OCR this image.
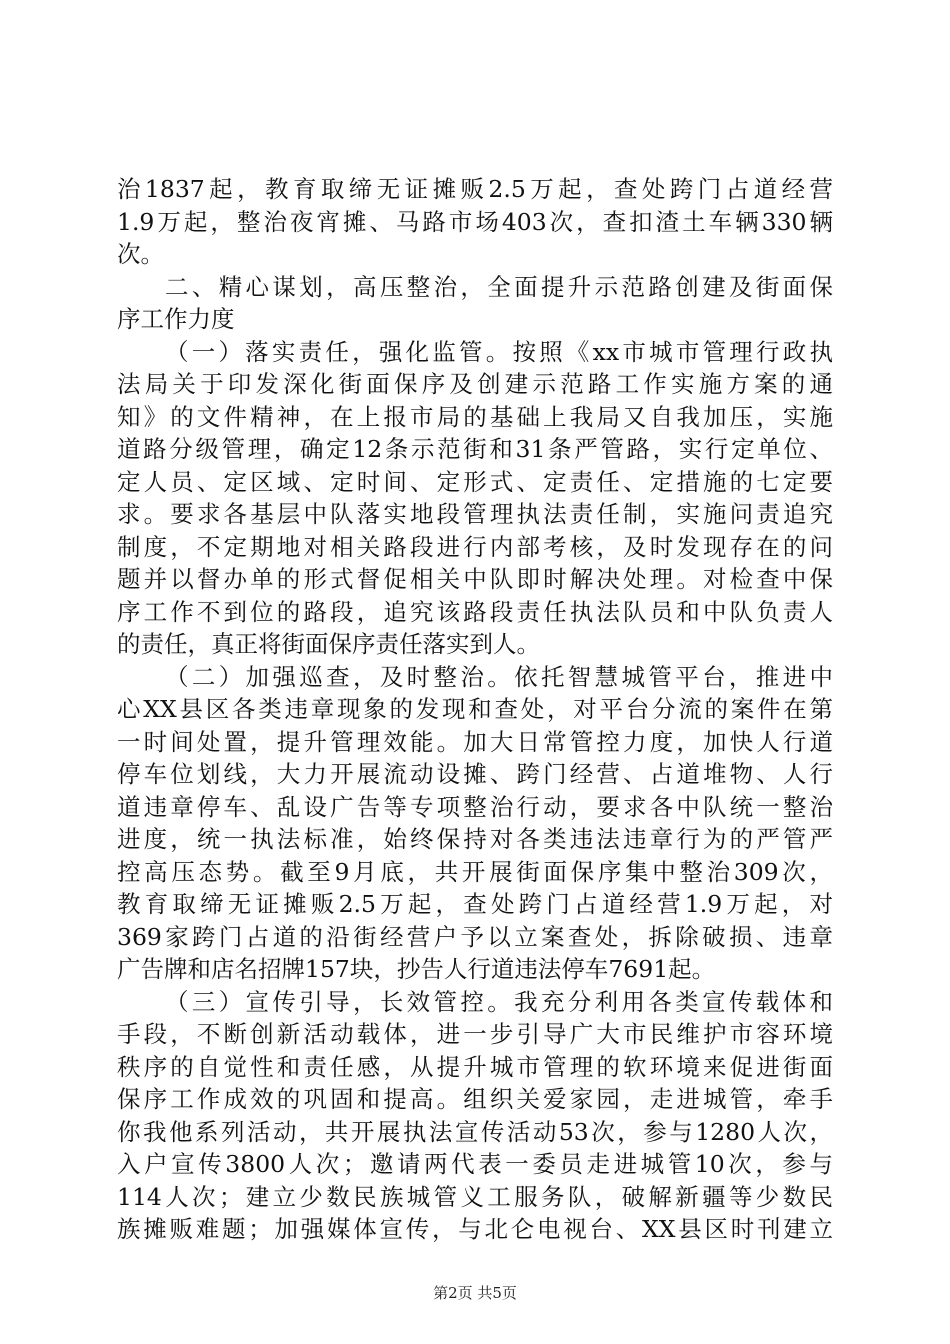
治1837起，教育取缔无证摊贩2.5万起，查处跨门占道经营
1.9万起，整治夜宵摊、马路市场403次，查扣渣土车辆330辆
次。
二、精心谋划，高压整治，全面提升示范路创建及街面保
序工作力度
（一）落实责任，强化监管。按照《xx市城市管理行政执
法局关于印发深化街面保序及创建示范路工作实施方案的通
知》的文件精神，在上报市局的基础上我局又自我加压，实施
道路分级管理，确定12条示范街和31条严管路，实行定单位、
定人员、定区域、定时间、定形式、定责任、定措施的七定要
求。要求各基层中队落实地段管理执法责任制，实施问责追究
制度，不定期地对相关路段进行内部考核，及时发现存在的问
题并以督办单的形式督促相关中队即时解决处理。对检查中保
序工作不到位的路段，追究该路段责任执法队员和中队负责人
的责任，真正将街面保序责任落实到人。
（二）加强巡查，及时整治。依托智慧城管平台，推进中
心XX县区各类违章现象的发现和查处，对平台分流的案件在第
一时间处置，提升管理效能。加大日常管控力度，加快人行道
停车位划线，大力开展流动设摊、跨门经营、占道堆物、人行
道违章停车、乱设广告等专项整治行动，要求各中队统一整治
进度，统一执法标准，始终保持对各类违法违章行为的严管严
控高压态势。截至9月底，共开展街面保序集中整治309次，
教育取缔无证摊贩2.5万起，查处跨门占道经营1.9万起，对
369家跨门占道的沿街经营户予以立案查处，拆除破损、违章
广告牌和店名招牌157块，抄告人行道违法停车7691起。
（三）宣传引导，长效管控。我充分利用各类宣传载体和
手段，不断创新活动载体，进一步引导广大市民维护市容环境
秩序的自觉性和责任感，从提升城市管理的软环境来促进街面
保序工作成效的巩固和提高。组织关爱家园，走进城管，牵手
你我他系列活动，共开展执法宣传活动53次，参与1280人次，
入户宣传3800人次；邀请两代表一委员走进城管10次，参与
114人次；建立少数民族城管义工服务队，破解新疆等少数民
族摊贩难题；加强媒体宣传，与北仑电视台、XX县区时刊建立
第2页 共5页
